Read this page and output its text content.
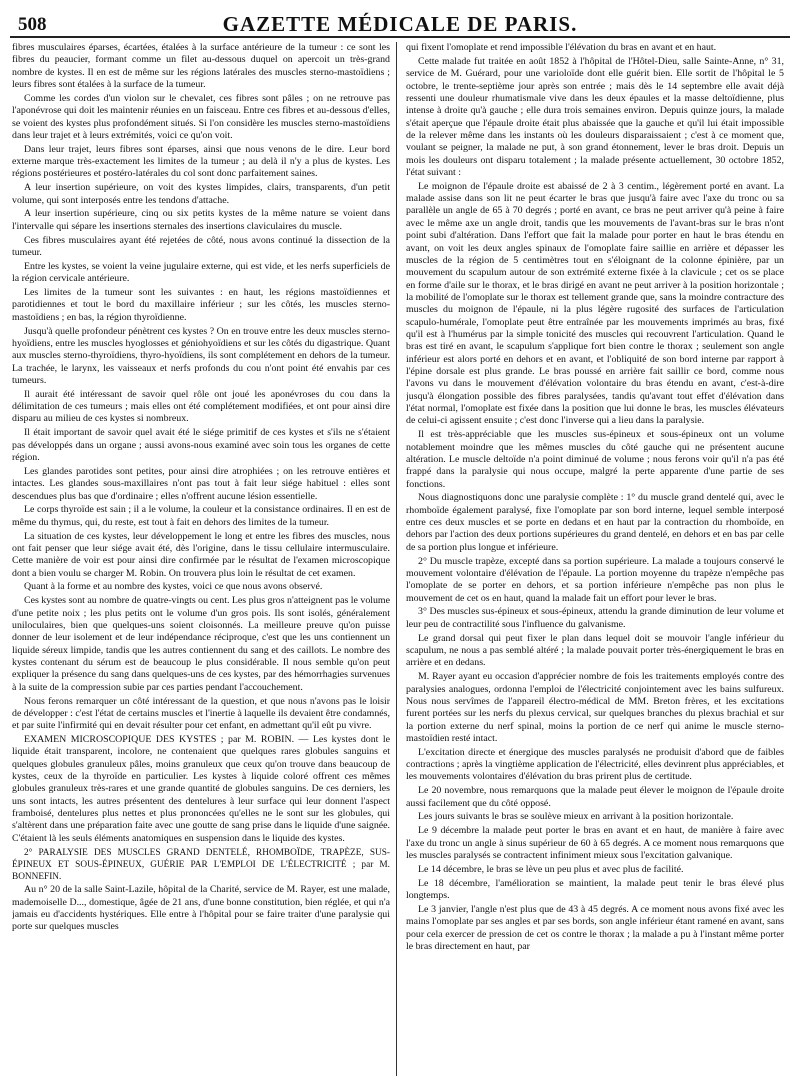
508	GAZETTE MÉDICALE DE PARIS.

fibres musculaires éparses, écartées, étalées à la surface antérieure de la tumeur : ce sont les fibres du peaucier, formant comme un filet au-dessous duquel on apercoit un très-grand nombre de kystes. Il en est de même sur les régions latérales des muscles sterno-mastoïdiens ; leurs fibres sont étalées à la surface de la tumeur.

Comme les cordes d'un violon sur le chevalet, ces fibres sont pâles ; on ne retrouve pas l'aponévrose qui doit les maintenir réunies en un faisceau. Entre ces fibres et au-dessous d'elles, se voient des kystes plus profondément situés. Si l'on considère les muscles sterno-mastoïdiens dans leur trajet et à leurs extrémités, voici ce qu'on voit.

Dans leur trajet, leurs fibres sont éparses, ainsi que nous venons de le dire. Leur bord externe marque très-exactement les limites de la tumeur ; au delà il n'y a plus de kystes. Les régions postérieures et postéro-latérales du col sont donc parfaitement saines.

A leur insertion supérieure, on voit des kystes limpides, clairs, transparents, d'un petit volume, qui sont interposés entre les tendons d'attache.

A leur insertion supérieure, cinq ou six petits kystes de la même nature se voient dans l'intervalle qui sépare les insertions sternales des insertions claviculaires du muscle.

Ces fibres musculaires ayant été rejetées de côté, nous avons continué la dissection de la tumeur.

Entre les kystes, se voient la veine jugulaire externe, qui est vide, et les nerfs superficiels de la région cervicale antérieure.

Les limites de la tumeur sont les suivantes : en haut, les régions mastoïdiennes et parotidiennes et tout le bord du maxillaire inférieur ; sur les côtés, les muscles sterno-mastoïdiens ; en bas, la région thyroïdienne.

Jusqu'à quelle profondeur pénètrent ces kystes ? On en trouve entre les deux muscles sterno-hyoïdiens, entre les muscles hyoglosses et géniohyoïdiens et sur les côtés du digastrique. Quant aux muscles sterno-thyroïdiens, thyro-hyoïdiens, ils sont complétement en dehors de la tumeur. La trachée, le larynx, les vaisseaux et nerfs profonds du cou n'ont point été envahis par ces tumeurs.

Il aurait été intéressant de savoir quel rôle ont joué les aponévroses du cou dans la délimitation de ces tumeurs ; mais elles ont été complétement modifiées, et ont pour ainsi dire disparu au milieu de ces kystes si nombreux.

Il était important de savoir quel avait été le siége primitif de ces kystes et s'ils ne s'étaient pas développés dans un organe ; aussi avons-nous examiné avec soin tous les organes de cette région.

Les glandes parotides sont petites, pour ainsi dire atrophiées ; on les retrouve entières et intactes. Les glandes sous-maxillaires n'ont pas tout à fait leur siége habituel : elles sont descendues plus bas que d'ordinaire ; elles n'offrent aucune lésion essentielle.

Le corps thyroïde est sain ; il a le volume, la couleur et la consistance ordinaires. Il en est de même du thymus, qui, du reste, est tout à fait en dehors des limites de la tumeur.

La situation de ces kystes, leur développement le long et entre les fibres des muscles, nous ont fait penser que leur siége avait été, dès l'origine, dans le tissu cellulaire intermusculaire. Cette manière de voir est pour ainsi dire confirmée par le résultat de l'examen microscopique dont a bien voulu se charger M. Robin. On trouvera plus loin le résultat de cet examen.

Quant à la forme et au nombre des kystes, voici ce que nous avons observé.

Ces kystes sont au nombre de quatre-vingts ou cent. Les plus gros n'atteignent pas le volume d'une petite noix ; les plus petits ont le volume d'un gros pois. Ils sont isolés, généralement uniloculaires, bien que quelques-uns soient cloisonnés. La meilleure preuve qu'on puisse donner de leur isolement et de leur indépendance réciproque, c'est que les uns contiennent un liquide séreux limpide, tandis que les autres contiennent du sang et des caillots. Le nombre des kystes contenant du sérum est de beaucoup le plus considérable. Il nous semble qu'on peut expliquer la présence du sang dans quelques-uns de ces kystes, par des hémorrhagies survenues à la suite de la compression subie par ces parties pendant l'accouchement.

Nous ferons remarquer un côté intéressant de la question, et que nous n'avons pas le loisir de développer : c'est l'état de certains muscles et l'inertie à laquelle ils devaient être condamnés, et par suite l'infirmité qui en devait résulter pour cet enfant, en admettant qu'il eût pu vivre.

EXAMEN MICROSCOPIQUE DES KYSTES ; par M. ROBIN. — Les kystes dont le liquide était transparent, incolore, ne contenaient que quelques rares globules sanguins et quelques globules granuleux pâles, moins granuleux que ceux qu'on trouve dans beaucoup de kystes, ceux de la thyroïde en particulier. Les kystes à liquide coloré offrent ces mêmes globules granuleux très-rares et une grande quantité de globules sanguins. De ces derniers, les uns sont intacts, les autres présentent des dentelures à leur surface qui leur donnent l'aspect framboisé, dentelures plus nettes et plus prononcées qu'elles ne le sont sur les globules, qui s'altèrent dans une préparation faite avec une goutte de sang prise dans le liquide d'une saignée. C'étaient là les seuls éléments anatomiques en suspension dans le liquide des kystes.

2° PARALYSIE DES MUSCLES GRAND DENTELÉ, RHOMBOÏDE, TRAPÈZE, SUS-ÉPINEUX ET SOUS-ÉPINEUX, GUÉRIE PAR L'EMPLOI DE L'ÉLECTRICITÉ ; par M. BONNEFIN.

Au n° 20 de la salle Saint-Lazile, hôpital de la Charité, service de M. Rayer, est une malade, mademoiselle D..., domestique, âgée de 21 ans, d'une bonne constitution, bien réglée, et qui n'a jamais eu d'accidents hystériques. Elle entre à l'hôpital pour se faire traiter d'une paralysie qui porte sur quelques muscles

qui fixent l'omoplate et rend impossible l'élévation du bras en avant et en haut.

Cette malade fut traitée en août 1852 à l'hôpital de l'Hôtel-Dieu, salle Sainte-Anne, n° 31, service de M. Guérard, pour une varioloïde dont elle guérit bien. Elle sortit de l'hôpital le 5 octobre, le trente-septième jour après son entrée ; mais dès le 14 septembre elle avait déjà ressenti une douleur rhumatismale vive dans les deux épaules et la masse deltoïdienne, plus intense à droite qu'à gauche ; elle dura trois semaines environ. Depuis quinze jours, la malade s'était aperçue que l'épaule droite était plus abaissée que la gauche et qu'il lui était impossible de la relever même dans les instants où les douleurs disparaissaient ; c'est à ce moment que, voulant se peigner, la malade ne put, à son grand étonnement, lever le bras droit. Depuis un mois les douleurs ont disparu totalement ; la malade présente actuellement, 30 octobre 1852, l'état suivant :

Le moignon de l'épaule droite est abaissé de 2 à 3 centim., légèrement porté en avant. La malade assise dans son lit ne peut écarter le bras que jusqu'à faire avec l'axe du tronc ou sa parallèle un angle de 65 à 70 degrés ; porté en avant, ce bras ne peut arriver qu'à peine à faire avec le même axe un angle droit, tandis que les mouvements de l'avant-bras sur le bras n'ont point subi d'altération. Dans l'effort que fait la malade pour porter en haut le bras étendu en avant, on voit les deux angles spinaux de l'omoplate faire saillie en arrière et dépasser les muscles de la région de 5 centimètres tout en s'éloignant de la colonne épinière, par un mouvement du scapulum autour de son extrémité externe fixée à la clavicule ; cet os se place en forme d'aile sur le thorax, et le bras dirigé en avant ne peut arriver à la position horizontale ; la mobilité de l'omoplate sur le thorax est tellement grande que, sans la moindre contracture des muscles du moignon de l'épaule, ni la plus légère rugosité des surfaces de l'articulation scapulo-humérale, l'omoplate peut être entraînée par les mouvements imprimés au bras, fixé qu'il est à l'humérus par la simple tonicité des muscles qui recouvrent l'articulation. Quand le bras est tiré en avant, le scapulum s'applique fort bien contre le thorax ; seulement son angle inférieur est alors porté en dehors et en avant, et l'obliquité de son bord interne par rapport à l'épine dorsale est plus grande. Le bras poussé en arrière fait saillir ce bord, comme nous l'avons vu dans le mouvement d'élévation volontaire du bras étendu en avant, c'est-à-dire jusqu'à élongation possible des fibres paralysées, tandis qu'avant tout effet d'élévation dans l'état normal, l'omoplate est fixée dans la position que lui donne le bras, les muscles élévateurs de celui-ci agissent ensuite ; c'est donc l'inverse qui a lieu dans la paralysie.

Il est très-appréciable que les muscles sus-épineux et sous-épineux ont un volume notablement moindre que les mêmes muscles du côté gauche qui ne présentent aucune altération. Le muscle deltoïde n'a point diminué de volume ; nous ferons voir qu'il n'a pas été frappé dans la paralysie qui nous occupe, malgré la perte apparente d'une partie de ses fonctions.

Nous diagnostiquons donc une paralysie complète : 1° du muscle grand dentelé qui, avec le rhomboïde également paralysé, fixe l'omoplate par son bord interne, lequel semble interposé entre ces deux muscles et se porte en dedans et en haut par la contraction du rhomboïde, en dehors par l'action des deux portions supérieures du grand dentelé, en dehors et en bas par celle de sa portion plus longue et inférieure.

2° Du muscle trapèze, excepté dans sa portion supérieure. La malade a toujours conservé le mouvement volontaire d'élévation de l'épaule. La portion moyenne du trapèze n'empêche pas l'omoplate de se porter en dehors, et sa portion inférieure n'empêche pas non plus le mouvement de cet os en haut, quand la malade fait un effort pour lever le bras.

3° Des muscles sus-épineux et sous-épineux, attendu la grande diminution de leur volume et leur peu de contractilité sous l'influence du galvanisme.

Le grand dorsal qui peut fixer le plan dans lequel doit se mouvoir l'angle inférieur du scapulum, ne nous a pas semblé altéré ; la malade pouvait porter très-énergiquement le bras en arrière et en dedans.

M. Rayer ayant eu occasion d'apprécier nombre de fois les traitements employés contre des paralysies analogues, ordonna l'emploi de l'électricité conjointement avec les bains sulfureux. Nous nous servîmes de l'appareil électro-médical de MM. Breton frères, et les excitations furent portées sur les nerfs du plexus cervical, sur quelques branches du plexus brachial et sur la portion externe du nerf spinal, moins la portion de ce nerf qui anime le muscle sterno-mastoïdien resté intact.

L'excitation directe et énergique des muscles paralysés ne produisit d'abord que de faibles contractions ; après la vingtième application de l'électricité, elles devinrent plus appréciables, et les mouvements volontaires d'élévation du bras prirent plus de certitude.

Le 20 novembre, nous remarquons que la malade peut élever le moignon de l'épaule droite aussi facilement que du côté opposé.

Les jours suivants le bras se soulève mieux en arrivant à la position horizontale.

Le 9 décembre la malade peut porter le bras en avant et en haut, de manière à faire avec l'axe du tronc un angle à sinus supérieur de 60 à 65 degrés. A ce moment nous remarquons que les muscles paralysés se contractent infiniment mieux sous l'excitation galvanique.

Le 14 décembre, le bras se lève un peu plus et avec plus de facilité.

Le 18 décembre, l'amélioration se maintient, la malade peut tenir le bras élevé plus longtemps.

Le 3 janvier, l'angle n'est plus que de 43 à 45 degrés. A ce moment nous avons fixé avec les mains l'omoplate par ses angles et par ses bords, son angle inférieur étant ramené en avant, sans pour cela exercer de pression de cet os contre le thorax ; la malade a pu à l'instant même porter le bras directement en haut, par
